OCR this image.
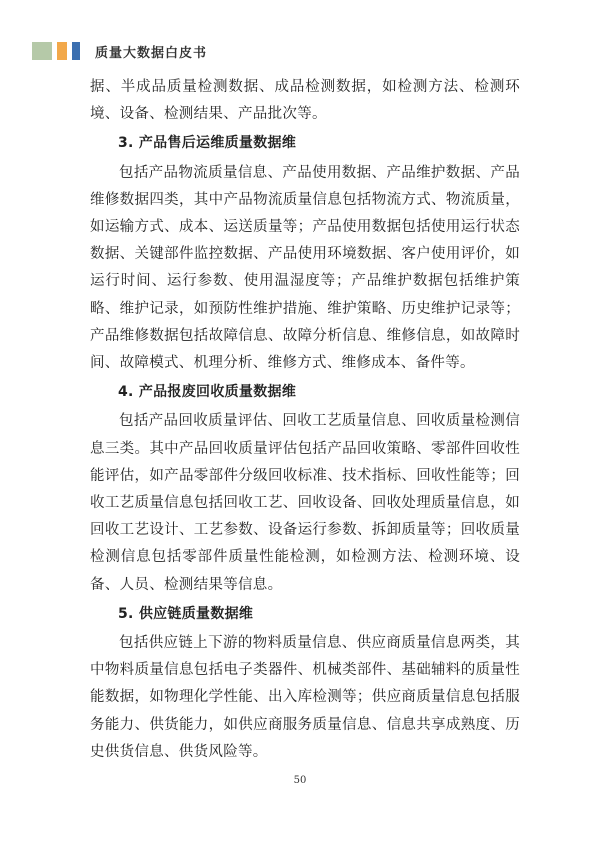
质量大数据白皮书

据、半成品质量检测数据、成品检测数据，如检测方法、检测环境、设备、检测结果、产品批次等。

3. 产品售后运维质量数据维

包括产品物流质量信息、产品使用数据、产品维护数据、产品维修数据四类，其中产品物流质量信息包括物流方式、物流质量，如运输方式、成本、运送质量等；产品使用数据包括使用运行状态数据、关键部件监控数据、产品使用环境数据、客户使用评价，如运行时间、运行参数、使用温湿度等；产品维护数据包括维护策略、维护记录，如预防性维护措施、维护策略、历史维护记录等；产品维修数据包括故障信息、故障分析信息、维修信息，如故障时间、故障模式、机理分析、维修方式、维修成本、备件等。

4. 产品报废回收质量数据维

包括产品回收质量评估、回收工艺质量信息、回收质量检测信息三类。其中产品回收质量评估包括产品回收策略、零部件回收性能评估，如产品零部件分级回收标准、技术指标、回收性能等；回收工艺质量信息包括回收工艺、回收设备、回收处理质量信息，如回收工艺设计、工艺参数、设备运行参数、拆卸质量等；回收质量检测信息包括零部件质量性能检测，如检测方法、检测环境、设备、人员、检测结果等信息。

5. 供应链质量数据维

包括供应链上下游的物料质量信息、供应商质量信息两类，其中物料质量信息包括电子类器件、机械类部件、基础辅料的质量性能数据，如物理化学性能、出入库检测等；供应商质量信息包括服务能力、供货能力，如供应商服务质量信息、信息共享成熟度、历史供货信息、供货风险等。

50
